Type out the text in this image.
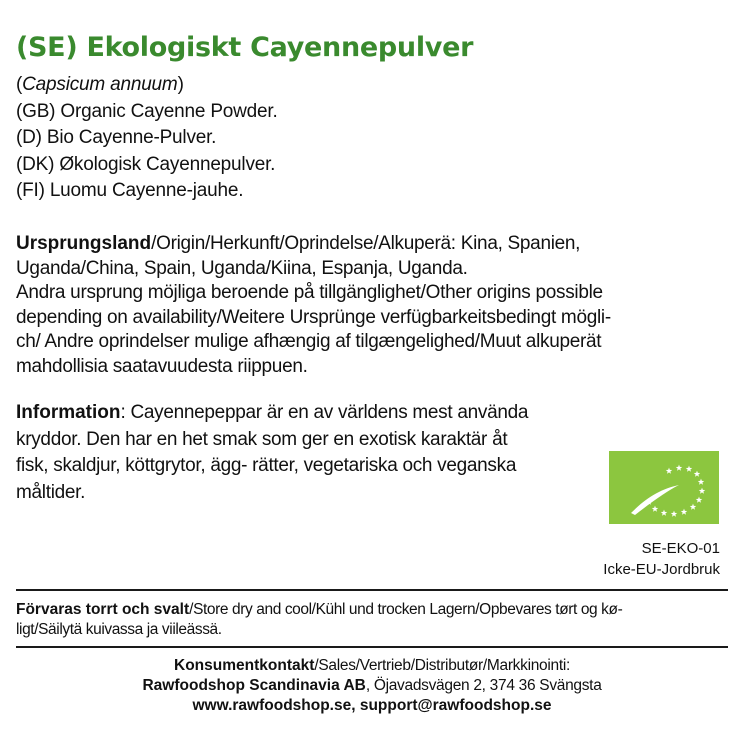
(SE) Ekologiskt Cayennepulver
(Capsicum annuum)
(GB) Organic Cayenne Powder.
(D) Bio Cayenne-Pulver.
(DK) Økologisk Cayennepulver.
(FI) Luomu Cayenne-jauhe.
Ursprungsland/Origin/Herkunft/Oprindelse/Alkuperä: Kina, Spanien,
Uganda/China, Spain, Uganda/Kiina, Espanja, Uganda.
Andra ursprung möjliga beroende på tillgänglighet/Other origins possible
depending on availability/Weitere Ursprünge verfügbarkeitsbedingt mögli-
ch/ Andre oprindelser mulige afhængig af tilgængelighed/Muut alkuperät
mahdollisia saatavuudesta riippuen.
Information: Cayennepeppar är en av världens mest använda
kryddor. Den har en het smak som ger en exotisk karaktär åt
fisk, skaldjur, köttgrytor, ägg- rätter, vegetariska och veganska
måltider.
SE-EKO-01
Icke-EU-Jordbruk
Förvaras torrt och svalt/Store dry and cool/Kühl und trocken Lagern/Opbevares tørt og kø-
ligt/Säilytä kuivassa ja viileässä.
Konsumentkontakt/Sales/Vertrieb/Distributør/Markkinointi:
Rawfoodshop Scandinavia AB, Öjavadsvägen 2, 374 36 Svängsta
www.rawfoodshop.se, support@rawfoodshop.se
